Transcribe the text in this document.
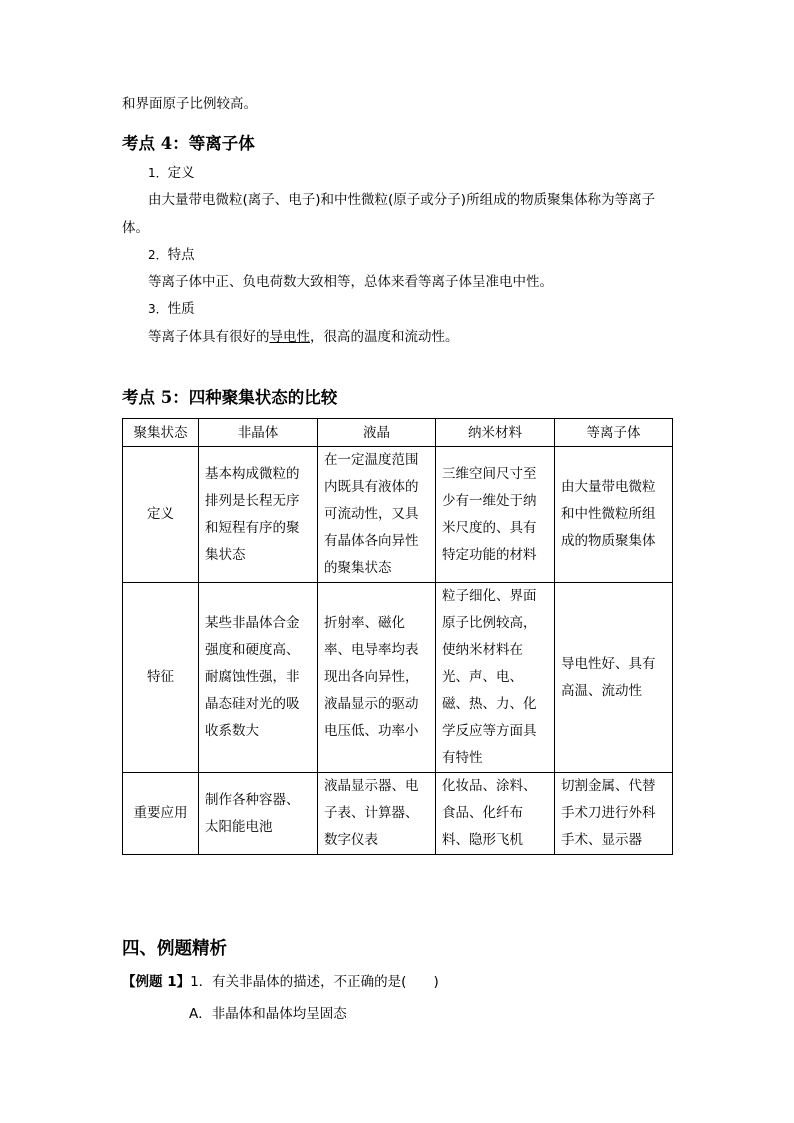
和界面原子比例较高。
考点 4：等离子体
1．定义
由大量带电微粒(离子、电子)和中性微粒(原子或分子)所组成的物质聚集体称为等离子
体。
2．特点
等离子体中正、负电荷数大致相等，总体来看等离子体呈准电中性。
3．性质
等离子体具有很好的导电性，很高的温度和流动性。
考点 5：四种聚集状态的比较
聚集状态	非晶体	液晶	纳米材料	等离子体
定义	基本构成微粒的排列是长程无序和短程有序的聚集状态	在一定温度范围内既具有液体的可流动性，又具有晶体各向异性的聚集状态	三维空间尺寸至少有一维处于纳米尺度的、具有特定功能的材料	由大量带电微粒和中性微粒所组成的物质聚集体
特征	某些非晶体合金强度和硬度高、耐腐蚀性强，非晶态硅对光的吸收系数大	折射率、磁化率、电导率均表现出各向异性，液晶显示的驱动电压低、功率小	粒子细化、界面原子比例较高，使纳米材料在光、声、电、磁、热、力、化学反应等方面具有特性	导电性好、具有高温、流动性
重要应用	制作各种容器、太阳能电池	液晶显示器、电子表、计算器、数字仪表	化妆品、涂料、食品、化纤布料、隐形飞机	切割金属、代替手术刀进行外科手术、显示器
四、例题精析
【例题 1】1．有关非晶体的描述，不正确的是(　　)
A．非晶体和晶体均呈固态
